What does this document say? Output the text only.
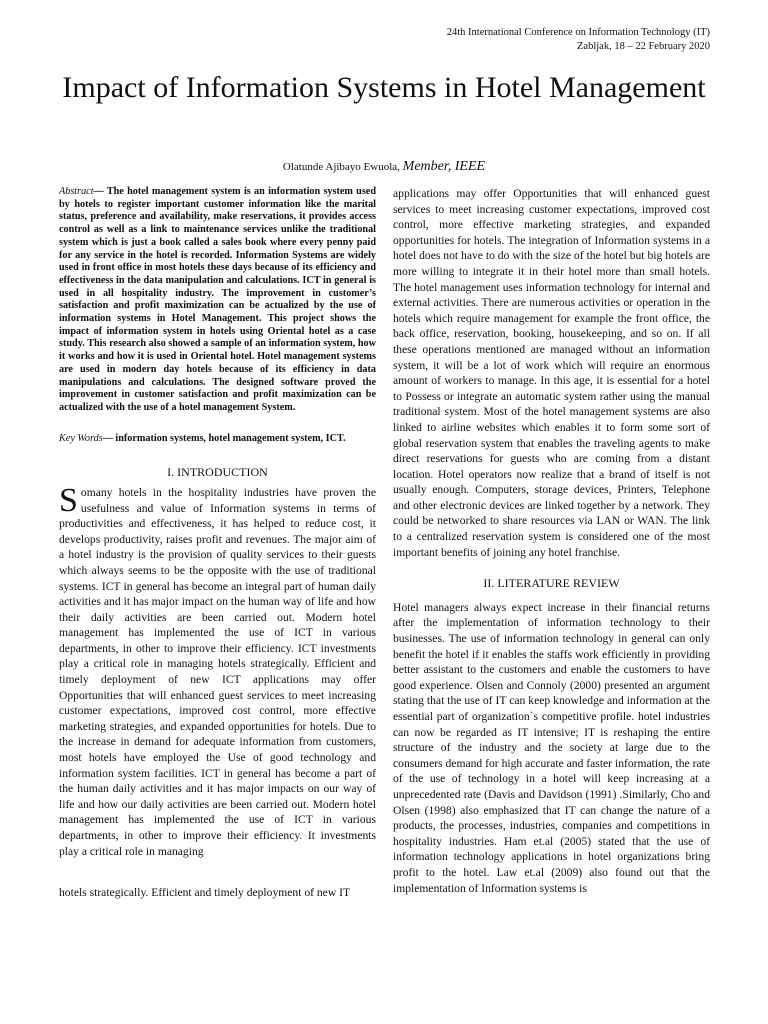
24th International Conference on Information Technology (IT)
Zabljak, 18 – 22 February 2020
Impact of Information Systems in Hotel Management
Olatunde Ajibayo Ewuola, Member, IEEE

Abstract— The hotel management system is an information system used by hotels to register important customer information like the marital status, preference and availability, make reservations, it provides access control as well as a link to maintenance services unlike the traditional system which is just a book called a sales book where every penny paid for any service in the hotel is recorded. Information Systems are widely used in front office in most hotels these days because of its efficiency and effectiveness in the data manipulation and calculations. ICT in general is used in all hospitality industry. The improvement in customer’s satisfaction and profit maximization can be actualized by the use of information systems in Hotel Management. This project shows the impact of information system in hotels using Oriental hotel as a case study. This research also showed a sample of an information system, how it works and how it is used in Oriental hotel. Hotel management systems are used in modern day hotels because of its efficiency in data manipulations and calculations. The designed software proved the improvement in customer satisfaction and profit maximization can be actualized with the use of a hotel management System.

Key Words— information systems, hotel management system, ICT.

I. INTRODUCTION

Somany hotels in the hospitality industries have proven the usefulness and value of Information systems in terms of productivities and effectiveness, it has helped to reduce cost, it develops productivity, raises profit and revenues. The major aim of a hotel industry is the provision of quality services to their guests which always seems to be the opposite with the use of traditional systems. ICT in general has become an integral part of human daily activities and it has major impact on the human way of life and how their daily activities are been carried out. Modern hotel management has implemented the use of ICT in various departments, in other to improve their efficiency. ICT investments play a critical role in managing hotels strategically. Efficient and timely deployment of new ICT applications may offer Opportunities that will enhanced guest services to meet increasing customer expectations, improved cost control, more effective marketing strategies, and expanded opportunities for hotels. Due to the increase in demand for adequate information from customers, most hotels have employed the Use of good technology and information system facilities. ICT in general has become a part of the human daily activities and it has major impacts on our way of life and how our daily activities are been carried out. Modern hotel management has implemented the use of ICT in various departments, in other to improve their efficiency. It investments play a critical role in managing

hotels strategically. Efficient and timely deployment of new IT

applications may offer Opportunities that will enhanced guest services to meet increasing customer expectations, improved cost control, more effective marketing strategies, and expanded opportunities for hotels. The integration of Information systems in a hotel does not have to do with the size of the hotel but big hotels are more willing to integrate it in their hotel more than small hotels. The hotel management uses information technology for internal and external activities. There are numerous activities or operation in the hotels which require management for example the front office, the back office, reservation, booking, housekeeping, and so on. If all these operations mentioned are managed without an information system, it will be a lot of work which will require an enormous amount of workers to manage. In this age, it is essential for a hotel to Possess or integrate an automatic system rather using the manual traditional system. Most of the hotel management systems are also linked to airline websites which enables it to form some sort of global reservation system that enables the traveling agents to make direct reservations for guests who are coming from a distant location. Hotel operators now realize that a brand of itself is not usually enough. Computers, storage devices, Printers, Telephone and other electronic devices are linked together by a network. They could be networked to share resources via LAN or WAN. The link to a centralized reservation system is considered one of the most important benefits of joining any hotel franchise.

II. LITERATURE REVIEW

Hotel managers always expect increase in their financial returns after the implementation of information technology to their businesses. The use of information technology in general can only benefit the hotel if it enables the staffs work efficiently in providing better assistant to the customers and enable the customers to have good experience. Olsen and Connoly (2000) presented an argument stating that the use of IT can keep knowledge and information at the essential part of organization`s competitive profile. hotel industries can now be regarded as IT intensive; IT is reshaping the entire structure of the industry and the society at large due to the consumers demand for high accurate and faster information, the rate of the use of technology in a hotel will keep increasing at a unprecedented rate (Davis and Davidson (1991) .Similarly, Cho and Olsen (1998) also emphasized that IT can change the nature of a products, the processes, industries, companies and competitions in hospitality industries. Ham et.al (2005) stated that the use of information technology applications in hotel organizations bring profit to the hotel. Law et.al (2009) also found out that the implementation of Information systems is
